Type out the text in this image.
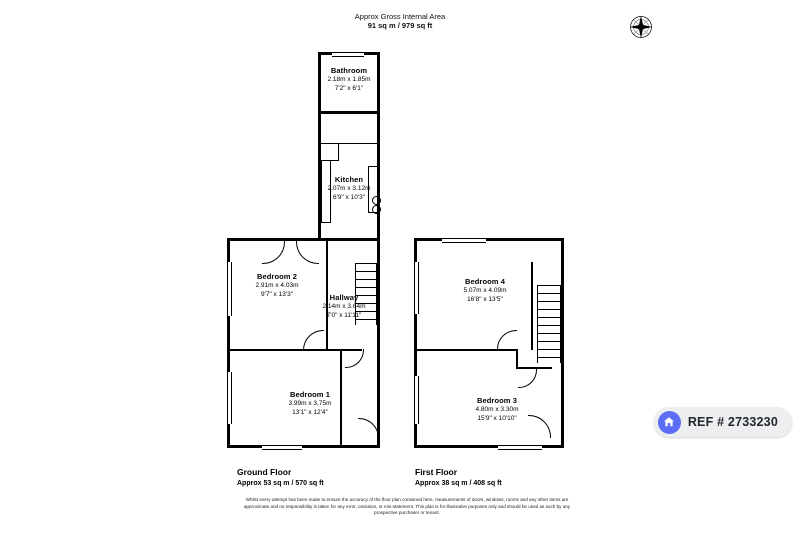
Approx Gross Internal Area
91 sq m / 979 sq ft
Bedroom 2
2.91m x 4.03m
9'7" x 13'3"
Bedroom 1
3.99m x 3.75m
13'1" x 12'4"
Hallway
2.14m x 3.64m
7'0" x 11'11"
Kitchen
2.07m x 3.12m
6'9" x 10'3"
Bathroom
2.18m x 1.85m
7'2" x 6'1"
Bedroom 4
5.07m x 4.09m
16'8" x 13'5"
Bedroom 3
4.80m x 3.30m
15'9" x 10'10"
Ground Floor
Approx 53 sq m / 570 sq ft
First Floor
Approx 38 sq m / 408 sq ft
Whilst every attempt has been made to ensure the accuracy of the floor plan contained here, measurements of doors, windows, rooms and any other items are approximate and no responsibility is taken for any error, omission, or mis-statement. This plan is for illustrative purposes only and should be used as such by any prospective purchaser or tenant.
REF # 2733230
